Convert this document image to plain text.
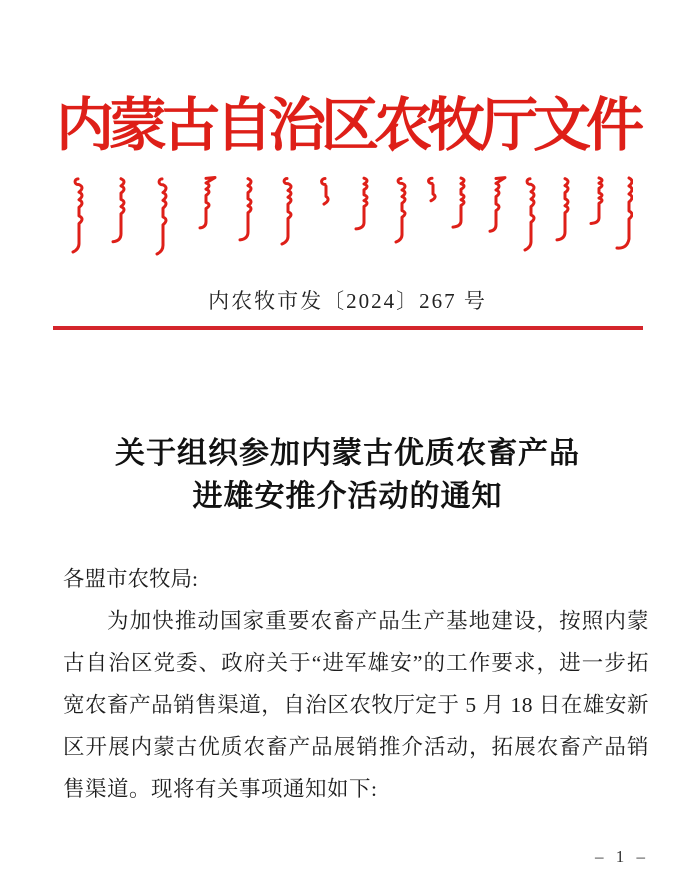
内蒙古自治区农牧厅文件
内农牧市发〔2024〕267 号
关于组织参加内蒙古优质农畜产品
进雄安推介活动的通知

各盟市农牧局:

为加快推动国家重要农畜产品生产基地建设，按照内蒙古自治区党委、政府关于“进军雄安”的工作要求，进一步拓宽农畜产品销售渠道，自治区农牧厅定于 5 月 18 日在雄安新区开展内蒙古优质农畜产品展销推介活动，拓展农畜产品销售渠道。现将有关事项通知如下:

– 1 –
